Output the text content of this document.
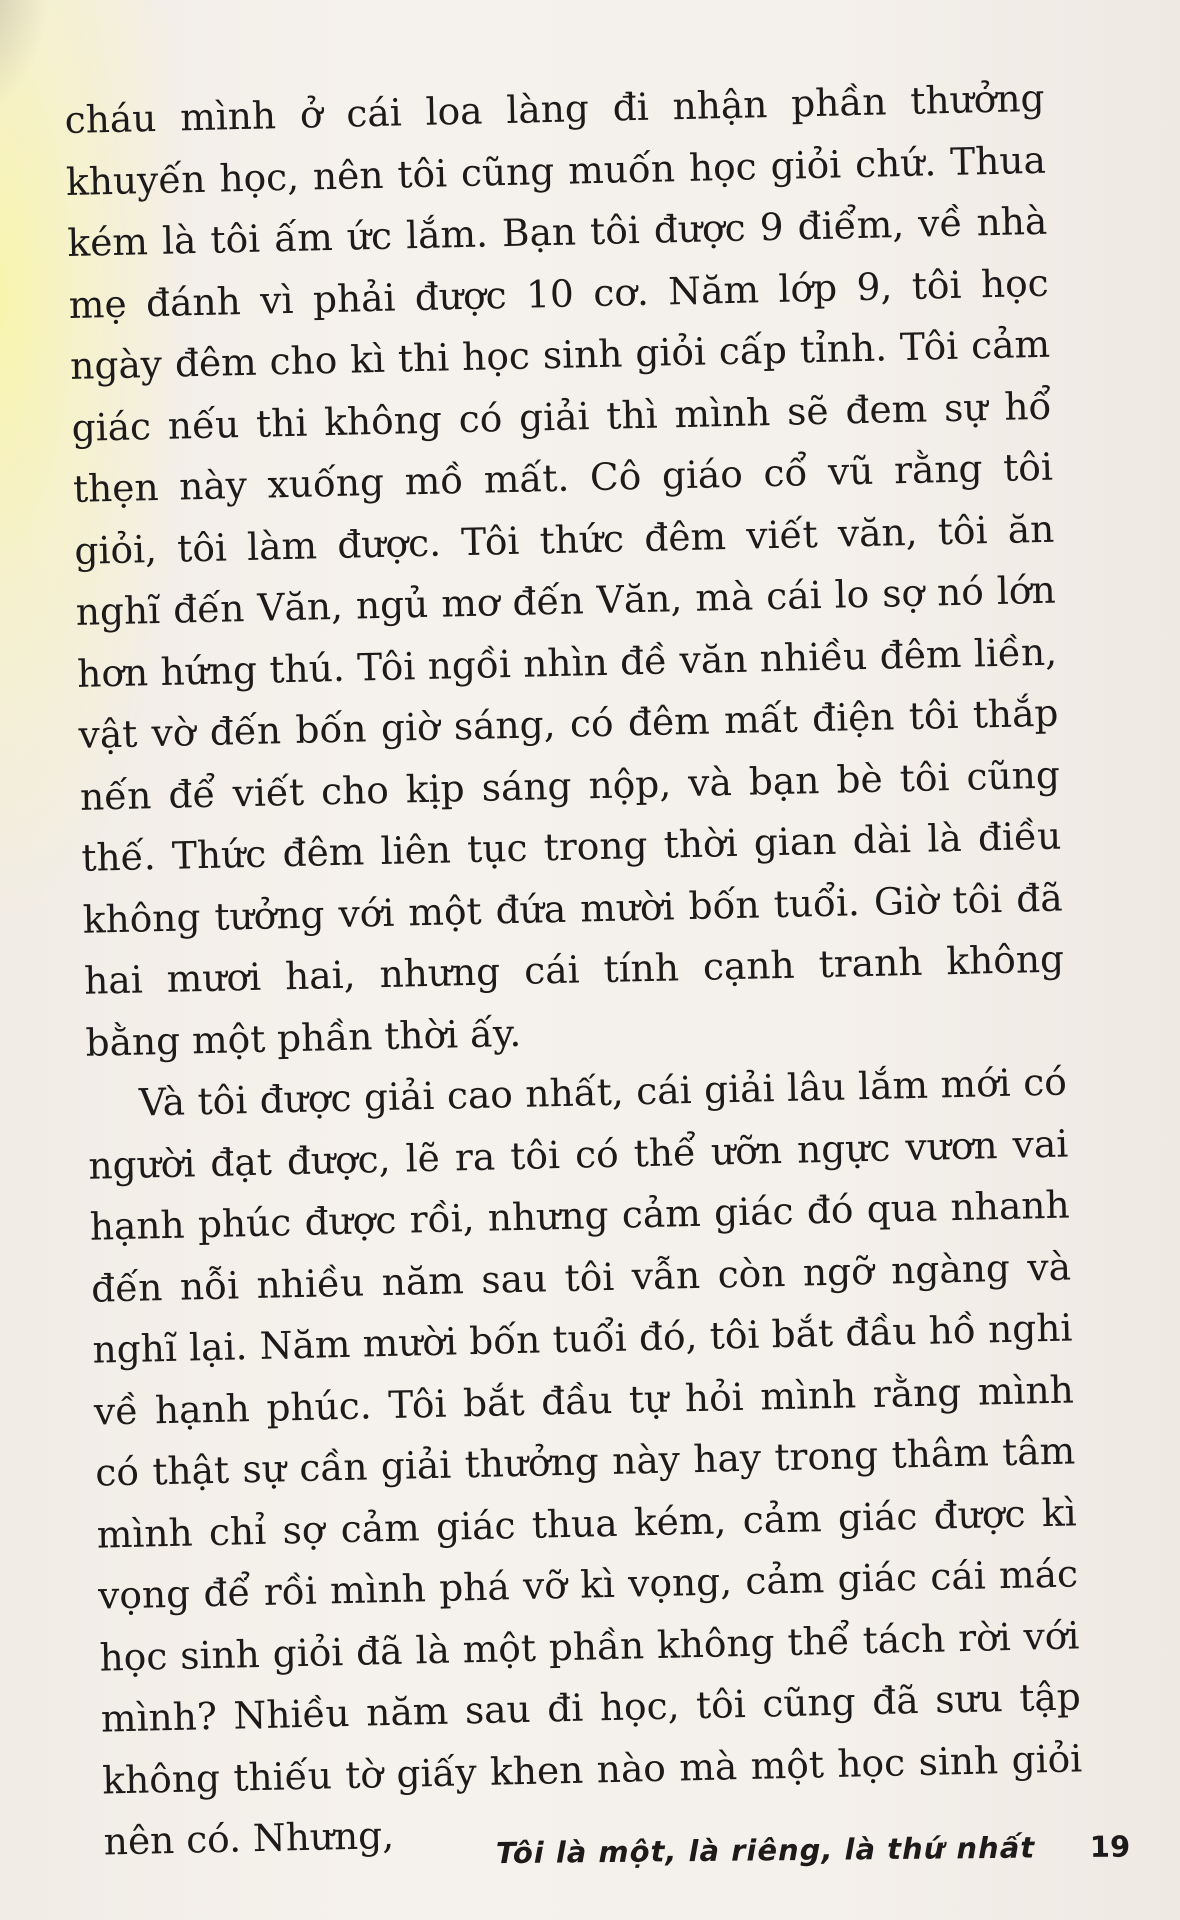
cháu mình ở cái loa làng đi nhận phần thưởng khuyến học, nên tôi cũng muốn học giỏi chứ. Thua kém là tôi ấm ức lắm. Bạn tôi được 9 điểm, về nhà mẹ đánh vì phải được 10 cơ. Năm lớp 9, tôi học ngày đêm cho kì thi học sinh giỏi cấp tỉnh. Tôi cảm giác nếu thi không có giải thì mình sẽ đem sự hổ thẹn này xuống mồ mất. Cô giáo cổ vũ rằng tôi giỏi, tôi làm được. Tôi thức đêm viết văn, tôi ăn nghĩ đến Văn, ngủ mơ đến Văn, mà cái lo sợ nó lớn hơn hứng thú. Tôi ngồi nhìn đề văn nhiều đêm liền, vật vờ đến bốn giờ sáng, có đêm mất điện tôi thắp nến để viết cho kịp sáng nộp, và bạn bè tôi cũng thế. Thức đêm liên tục trong thời gian dài là điều không tưởng với một đứa mười bốn tuổi. Giờ tôi đã hai mươi hai, nhưng cái tính cạnh tranh không bằng một phần thời ấy.

Và tôi được giải cao nhất, cái giải lâu lắm mới có người đạt được, lẽ ra tôi có thể ưỡn ngực vươn vai hạnh phúc được rồi, nhưng cảm giác đó qua nhanh đến nỗi nhiều năm sau tôi vẫn còn ngỡ ngàng và nghĩ lại. Năm mười bốn tuổi đó, tôi bắt đầu hồ nghi về hạnh phúc. Tôi bắt đầu tự hỏi mình rằng mình có thật sự cần giải thưởng này hay trong thâm tâm mình chỉ sợ cảm giác thua kém, cảm giác được kì vọng để rồi mình phá vỡ kì vọng, cảm giác cái mác học sinh giỏi đã là một phần không thể tách rời với mình? Nhiều năm sau đi học, tôi cũng đã sưu tập không thiếu tờ giấy khen nào mà một học sinh giỏi nên có. Nhưng,	Tôi là một, là riêng, là thứ nhất 19
